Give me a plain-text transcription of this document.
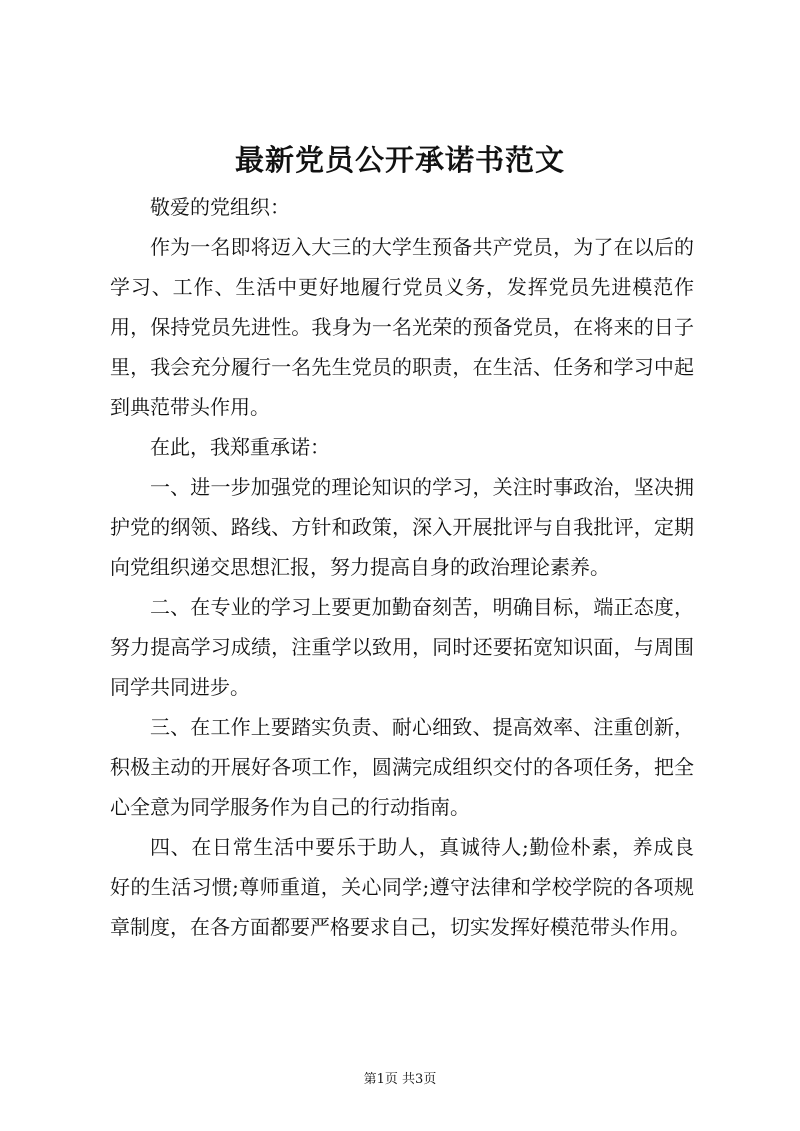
最新党员公开承诺书范文

敬爱的党组织：

作为一名即将迈入大三的大学生预备共产党员，为了在以后的学习、工作、生活中更好地履行党员义务，发挥党员先进模范作用，保持党员先进性。我身为一名光荣的预备党员，在将来的日子里，我会充分履行一名先生党员的职责，在生活、任务和学习中起到典范带头作用。

在此，我郑重承诺：

一、进一步加强党的理论知识的学习，关注时事政治，坚决拥护党的纲领、路线、方针和政策，深入开展批评与自我批评，定期向党组织递交思想汇报，努力提高自身的政治理论素养。

二、在专业的学习上要更加勤奋刻苦，明确目标，端正态度，努力提高学习成绩，注重学以致用，同时还要拓宽知识面，与周围同学共同进步。

三、在工作上要踏实负责、耐心细致、提高效率、注重创新，积极主动的开展好各项工作，圆满完成组织交付的各项任务，把全心全意为同学服务作为自己的行动指南。

四、在日常生活中要乐于助人，真诚待人;勤俭朴素，养成良好的生活习惯;尊师重道，关心同学;遵守法律和学校学院的各项规章制度，在各方面都要严格要求自己，切实发挥好模范带头作用。

第1页 共3页
